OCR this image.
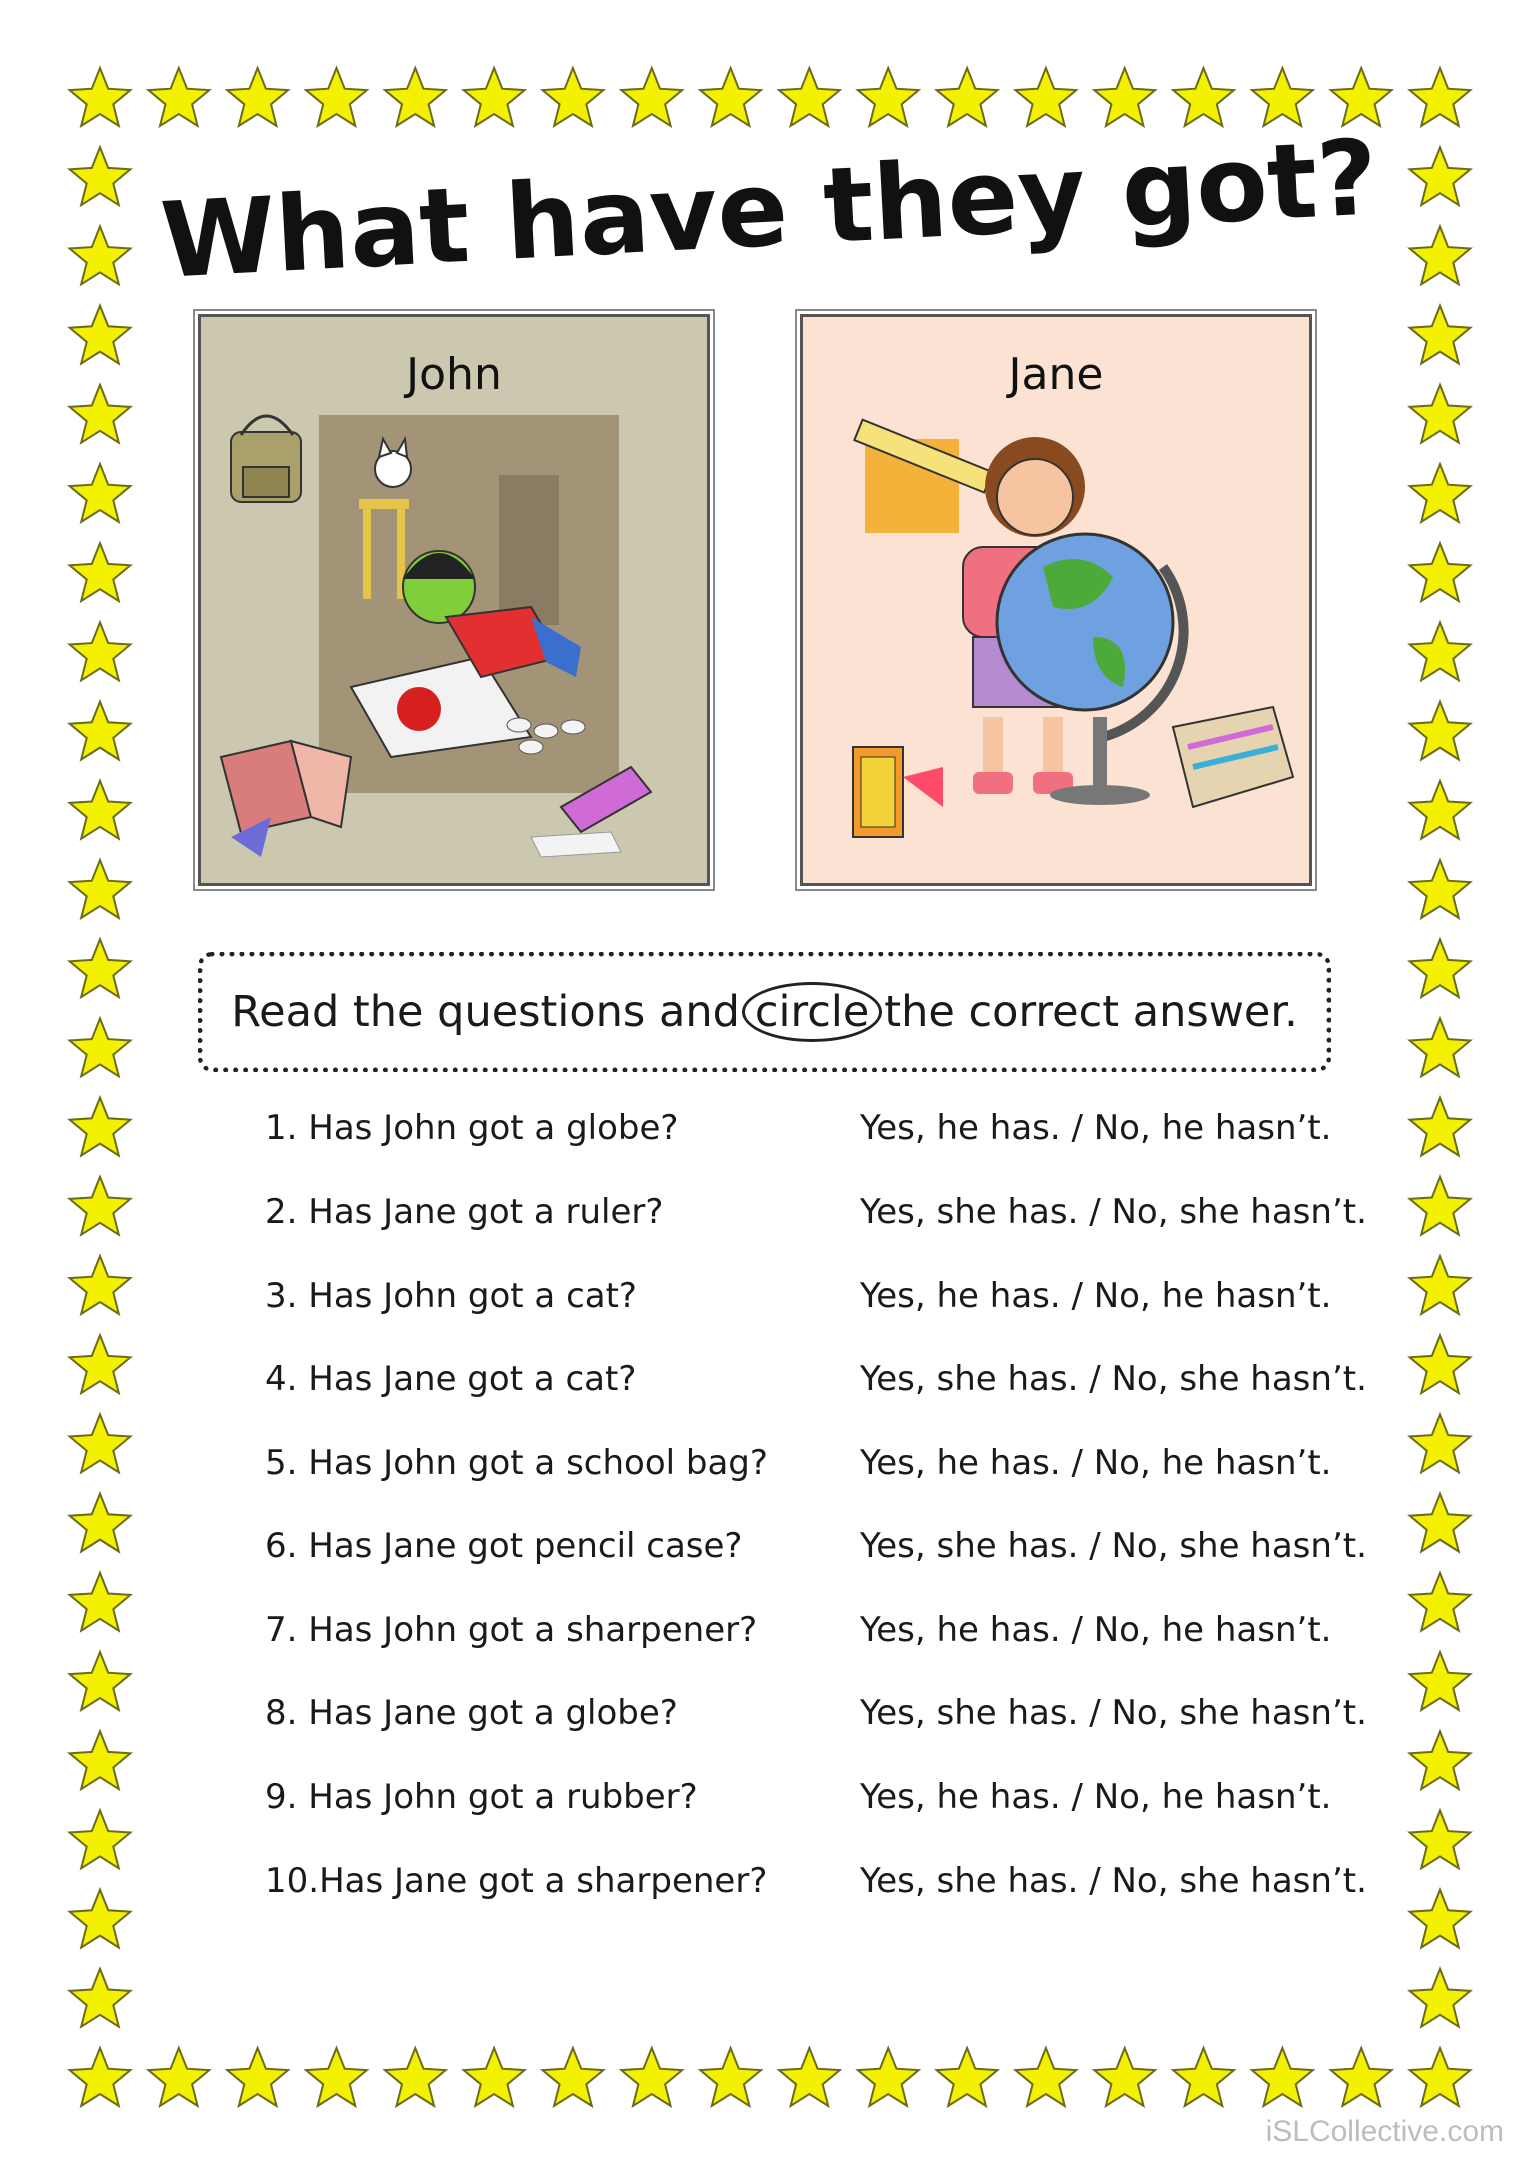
What have they got?
John	Jane
Read the questions and circle the correct answer.
1. Has John got a globe?	Yes, he has. / No, he hasn’t.
2. Has Jane got a ruler?	Yes, she has. / No, she hasn’t.
3. Has John got a cat?	Yes, he has. / No, he hasn’t.
4. Has Jane got a cat?	Yes, she has. / No, she hasn’t.
5. Has John got a school bag?	Yes, he has. / No, he hasn’t.
6. Has Jane got pencil case?	Yes, she has. / No, she hasn’t.
7. Has John got a sharpener?	Yes, he has. / No, he hasn’t.
8. Has Jane got a globe?	Yes, she has. / No, she hasn’t.
9. Has John got a rubber?	Yes, he has. / No, he hasn’t.
10.Has Jane got a sharpener?	Yes, she has. / No, she hasn’t.
iSLCollective.com
